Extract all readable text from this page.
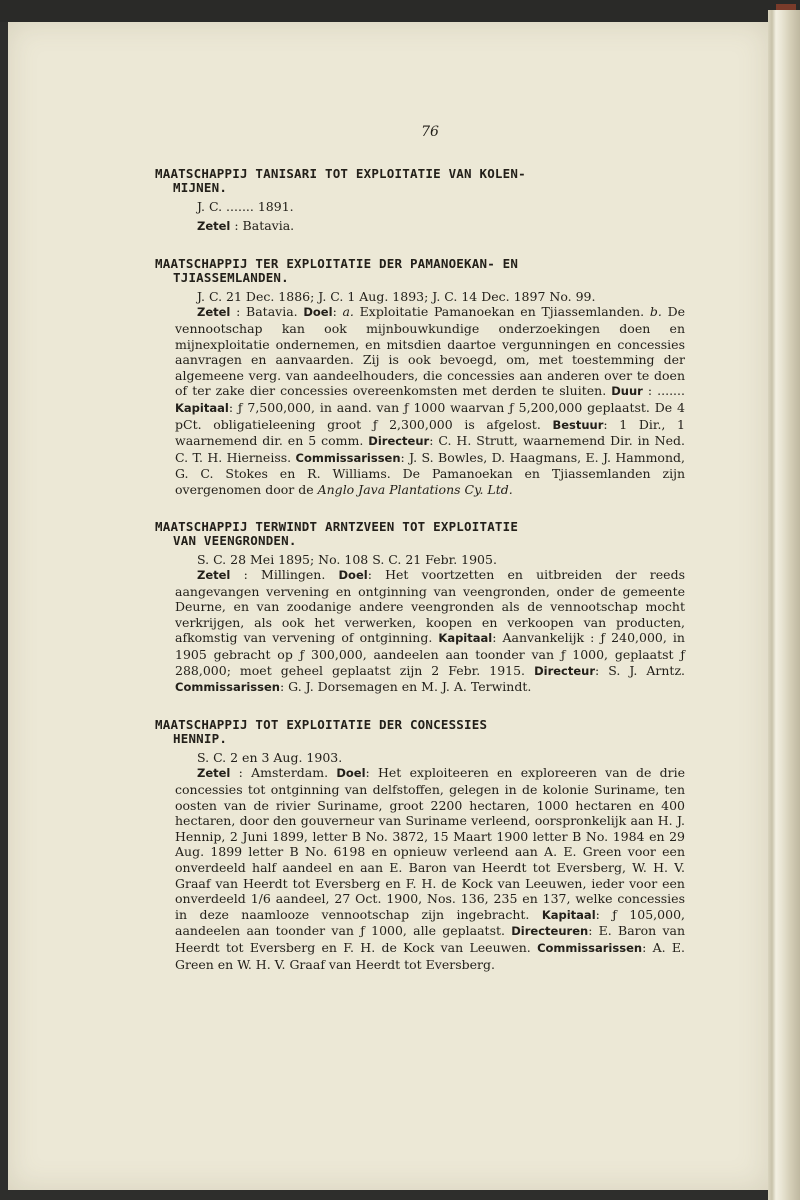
76
MAATSCHAPPIJ TANISARI TOT EXPLOITATIE VAN KOLEN-
MIJNEN.
J. C. ....... 1891.
Zetel : Batavia.
MAATSCHAPPIJ TER EXPLOITATIE DER PAMANOEKAN- EN
TJIASSEMLANDEN.
J. C. 21 Dec. 1886; J. C. 1 Aug. 1893; J. C. 14 Dec. 1897 No. 99.
Zetel : Batavia. Doel: a. Exploitatie Pamanoekan en Tjiassemlanden. b. De vennootschap kan ook mijnbouwkundige onderzoekingen doen en mijnexploitatie ondernemen, en mitsdien daartoe vergunningen en concessies aanvragen en aanvaarden. Zij is ook bevoegd, om, met toestemming der algemeene verg. van aandeelhouders, die concessies aan anderen over te doen of ter zake dier concessies overeenkomsten met derden te sluiten. Duur : ....... Kapitaal: ƒ 7,500,000, in aand. van ƒ 1000 waarvan ƒ 5,200,000 geplaatst. De 4 pCt. obligatieleening groot ƒ 2,300,000 is afgelost. Bestuur: 1 Dir., 1 waarnemend dir. en 5 comm. Directeur: C. H. Strutt, waarnemend Dir. in Ned. C. T. H. Hierneiss. Commissarissen: J. S. Bowles, D. Haagmans, E. J. Hammond, G. C. Stokes en R. Williams. De Pamanoekan en Tjiassemlanden zijn overgenomen door de Anglo Java Plantations Cy. Ltd.
MAATSCHAPPIJ TERWINDT ARNTZVEEN TOT EXPLOITATIE
VAN VEENGRONDEN.
S. C. 28 Mei 1895; No. 108 S. C. 21 Febr. 1905.
Zetel : Millingen. Doel: Het voortzetten en uitbreiden der reeds aangevangen vervening en ontginning van veengronden, onder de gemeente Deurne, en van zoodanige andere veengronden als de vennootschap mocht verkrijgen, als ook het verwerken, koopen en verkoopen van producten, afkomstig van vervening of ontginning. Kapitaal: Aanvankelijk : ƒ 240,000, in 1905 gebracht op ƒ 300,000, aandeelen aan toonder van ƒ 1000, geplaatst ƒ 288,000; moet geheel geplaatst zijn 2 Febr. 1915. Directeur: S. J. Arntz. Commissarissen: G. J. Dorsemagen en M. J. A. Terwindt.
MAATSCHAPPIJ TOT EXPLOITATIE DER CONCESSIES
HENNIP.
S. C. 2 en 3 Aug. 1903.
Zetel : Amsterdam. Doel: Het exploiteeren en exploreeren van de drie concessies tot ontginning van delfstoffen, gelegen in de kolonie Suriname, ten oosten van de rivier Suriname, groot 2200 hectaren, 1000 hectaren en 400 hectaren, door den gouverneur van Suriname verleend, oorspronkelijk aan H. J. Hennip, 2 Juni 1899, letter B No. 3872, 15 Maart 1900 letter B No. 1984 en 29 Aug. 1899 letter B No. 6198 en opnieuw verleend aan A. E. Green voor een onverdeeld half aandeel en aan E. Baron van Heerdt tot Eversberg, W. H. V. Graaf van Heerdt tot Eversberg en F. H. de Kock van Leeuwen, ieder voor een onverdeeld 1/6 aandeel, 27 Oct. 1900, Nos. 136, 235 en 137, welke concessies in deze naamlooze vennootschap zijn ingebracht. Kapitaal: ƒ 105,000, aandeelen aan toonder van ƒ 1000, alle geplaatst. Directeuren: E. Baron van Heerdt tot Eversberg en F. H. de Kock van Leeuwen. Commissarissen: A. E. Green en W. H. V. Graaf van Heerdt tot Eversberg.
